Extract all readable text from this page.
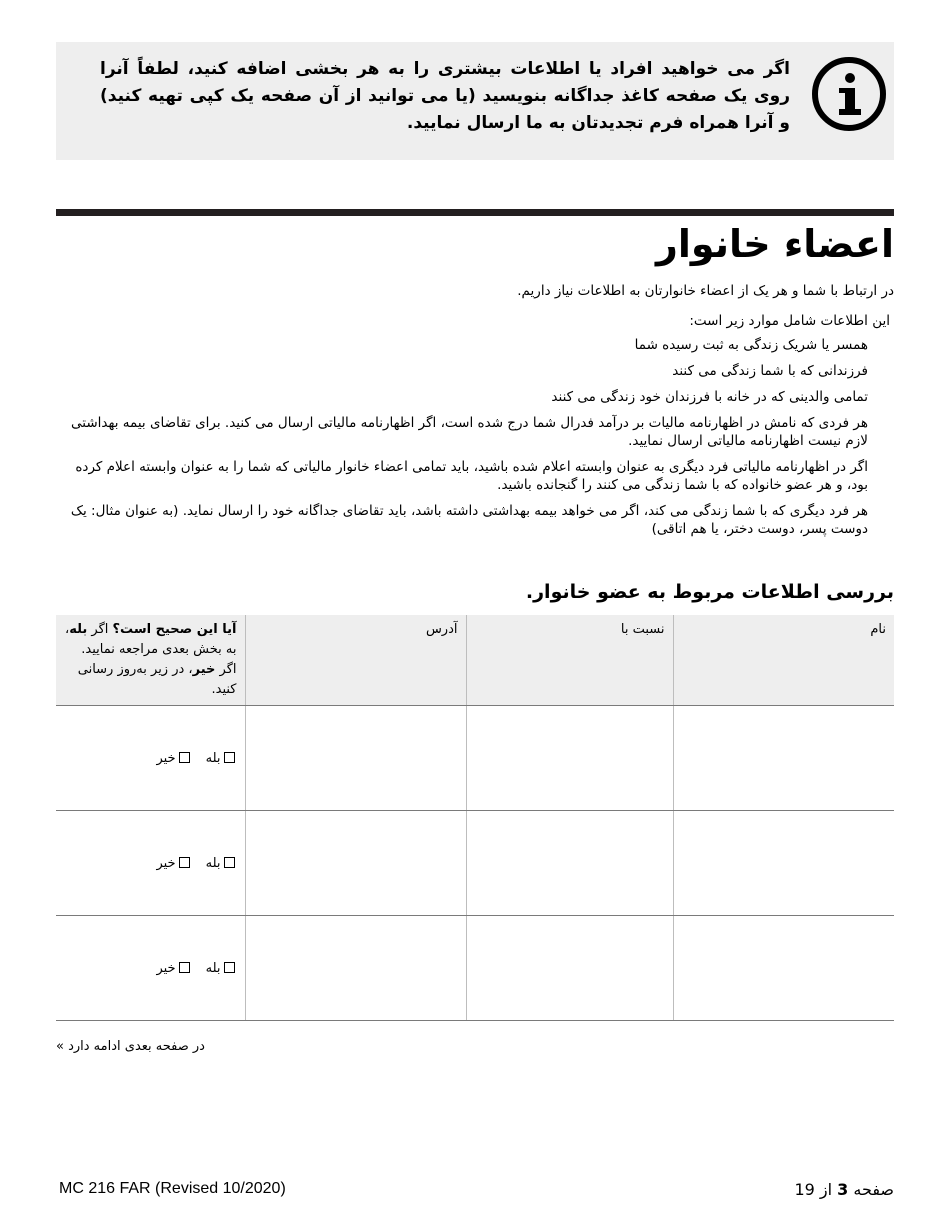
اگر می خواهید افراد یا اطلاعات بیشتری را به هر بخشی اضافه کنید، لطفاً آنرا روی یک صفحه کاغذ جداگانه بنویسید (یا می توانید از آن صفحه یک کپی تهیه کنید) و آنرا همراه فرم تجدیدتان به ما ارسال نمایید.
اعضاء خانوار

در ارتباط با شما و هر یک از اعضاء خانوارتان به اطلاعات نیاز داریم.

این اطلاعات شامل موارد زیر است:

همسر یا شریک زندگی به ثبت رسیده شما
فرزندانی که با شما زندگی می کنند
تمامی والدینی که در خانه با فرزندان خود زندگی می کنند
هر فردی که نامش در اظهارنامه مالیات بر درآمد فدرال شما درج شده است، اگر اظهارنامه مالیاتی ارسال می کنید. برای تقاضای بیمه بهداشتی لازم نیست اظهارنامه مالیاتی ارسال نمایید.
اگر در اظهارنامه مالیاتی فرد دیگری به عنوان وابسته اعلام شده باشید، باید تمامی اعضاء خانوار مالیاتی که شما را به عنوان وابسته اعلام کرده بود، و هر عضو خانواده که با شما زندگی می کنند را گنجانده باشید.
هر فرد دیگری که با شما زندگی می کند، اگر می خواهد بیمه بهداشتی داشته باشد، باید تقاضای جداگانه خود را ارسال نماید. (به عنوان مثال: یک دوست پسر، دوست دختر، یا هم اتاقی)
بررسی اطلاعات مربوط به عضو خانوار.
نام	نسبت با	آدرس	آیا این صحیح است؟ اگر بله، به بخش بعدی مراجعه نمایید. اگر خیر، در زیر به‌روز رسانی کنید.
			بلهخیر
			بلهخیر
			بلهخیر
در صفحه بعدی ادامه دارد »
MC 216 FAR (Revised 10/2020)	صفحه 3 از 19
